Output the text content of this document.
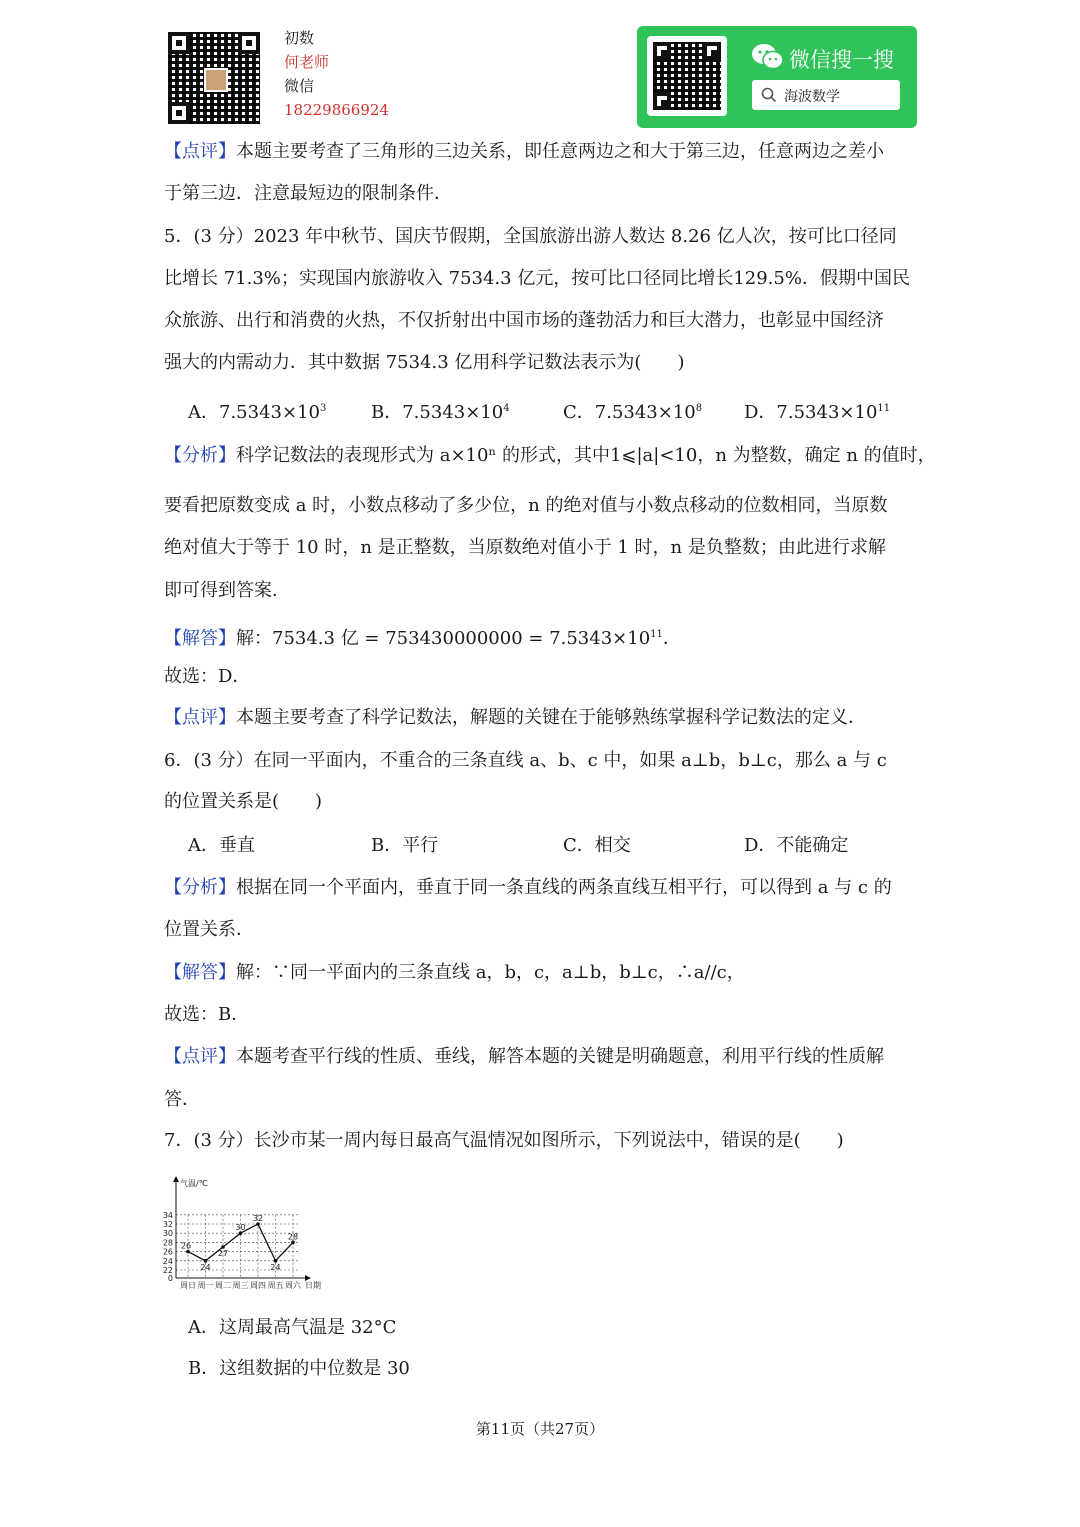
初数
何老师
微信
18229866924
微信搜一搜
海波数学
【点评】本题主要考查了三角形的三边关系，即任意两边之和大于第三边，任意两边之差小
于第三边．注意最短边的限制条件．
5．(3 分）2023 年中秋节、国庆节假期，全国旅游出游人数达 8.26 亿人次，按可比口径同
比增长 71.3%；实现国内旅游收入 7534.3 亿元，按可比口径同比增长129.5%．假期中国民
众旅游、出行和消费的火热，不仅折射出中国市场的蓬勃活力和巨大潜力，也彰显中国经济
强大的内需动力．其中数据 7534.3 亿用科学记数法表示为(　　)
A．$7.5343\times 10^3$ B．$7.5343\times 10^4$	C．$7.5343\times 10^8$ D．$7.5343\times 10^{11}$
【分析】科学记数法的表现形式为 a×10ⁿ 的形式，其中1⩽|a|<10，n 为整数，确定 n 的值时，
要看把原数变成 a 时，小数点移动了多少位，n 的绝对值与小数点移动的位数相同，当原数
绝对值大于等于 10 时，n 是正整数，当原数绝对值小于 1 时，n 是负整数；由此进行求解
即可得到答案．
【解答】解：7534.3 亿 = $753430000000 = 7.5343\times 10^{11}$．
故选：D．
【点评】本题主要考查了科学记数法，解题的关键在于能够熟练掌握科学记数法的定义．
6．(3 分）在同一平面内，不重合的三条直线 a、b、c 中，如果 a⊥b，b⊥c，那么 a 与 c
的位置关系是(　　)
A．垂直	B．平行	C．相交	D．不能确定
【分析】根据在同一个平面内，垂直于同一条直线的两条直线互相平行，可以得到 a 与 c 的
位置关系．
【解答】解：∵同一平面内的三条直线 a，b，c，a⊥b，b⊥c，∴a//c，
故选：B．
【点评】本题考查平行线的性质、垂线，解答本题的关键是明确题意，利用平行线的性质解
答．
7．(3 分）长沙市某一周内每日最高气温情况如图所示，下列说法中，错误的是(　　)
0
22
24
26
28
30
32
34
气温/℃
周日 周一 周二 周三 周四 周五 周六 日期
26
24
27
30
32
24
28
A．这周最高气温是 32°C
B．这组数据的中位数是 30
第11页（共27页）
